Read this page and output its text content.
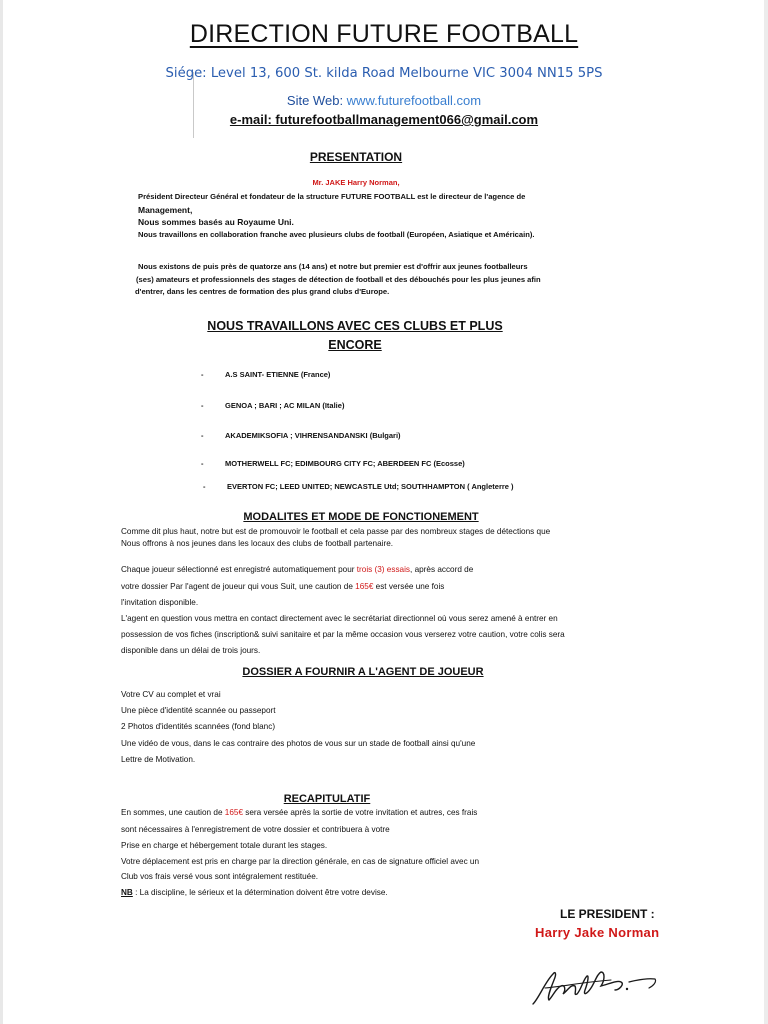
DIRECTION FUTURE FOOTBALL
Siége: Level 13, 600 St. kilda Road Melbourne VIC 3004 NN15 5PS
Site Web: www.futurefootball.com
e-mail: futurefootballmanagement066@gmail.com
PRESENTATION
Mr. JAKE Harry Norman,
Président Directeur Général et fondateur de la structure FUTURE FOOTBALL est le directeur de l'agence de
Management,
Nous sommes basés au Royaume Uni.
Nous travaillons en collaboration franche avec plusieurs clubs de football (Européen, Asiatique et Américain).
Nous existons de puis près de quatorze ans (14 ans) et notre but premier est d'offrir aux jeunes footballeurs
(ses) amateurs et professionnels des stages de détection de football et des débouchés pour les plus jeunes afin
d'entrer, dans les centres de formation des plus grand clubs d'Europe.
NOUS TRAVAILLONS AVEC CES CLUBS ET PLUS
ENCORE
-	A.S SAINT- ETIENNE (France)
-	GENOA ; BARI ; AC MILAN (Italie)
-	AKADEMIKSOFIA ; VIHRENSANDANSKI (Bulgari)
-	MOTHERWELL FC; EDIMBOURG CITY FC; ABERDEEN FC (Ecosse)
-	EVERTON FC; LEED UNITED; NEWCASTLE Utd; SOUTHHAMPTON ( Angleterre )
MODALITES ET MODE DE FONCTIONEMENT
Comme dit plus haut, notre but est de promouvoir le football et cela passe par des nombreux stages de détections que
Nous offrons à nos jeunes dans les locaux des clubs de football partenaire.
Chaque joueur sélectionné est enregistré automatiquement pour trois (3) essais, après accord de
votre dossier Par l'agent de joueur qui vous Suit, une caution de 165€ est versée une fois
l'invitation disponible.
L'agent en question vous mettra en contact directement avec le secrétariat directionnel où vous serez amené à entrer en
possession de vos fiches (inscription& suivi sanitaire et par la même occasion vous verserez votre caution, votre colis sera
disponible dans un délai de trois jours.
DOSSIER A FOURNIR A L'AGENT DE JOUEUR
Votre CV au complet et vrai
Une pièce d'identité scannée ou passeport
2 Photos d'identités scannées (fond blanc)
Une vidéo de vous, dans le cas contraire des photos de vous sur un stade de football ainsi qu'une
Lettre de Motivation.
RECAPITULATIF
En sommes, une caution de 165€ sera versée après la sortie de votre invitation et autres, ces frais
sont nécessaires à l'enregistrement de votre dossier et contribuera à votre
Prise en charge et hébergement totale durant les stages.
Votre déplacement est pris en charge par la direction générale, en cas de signature officiel avec un
Club vos frais versé vous sont intégralement restituée.
NB : La discipline, le sérieux et la détermination doivent être votre devise.
LE PRESIDENT :
Harry Jake Norman
